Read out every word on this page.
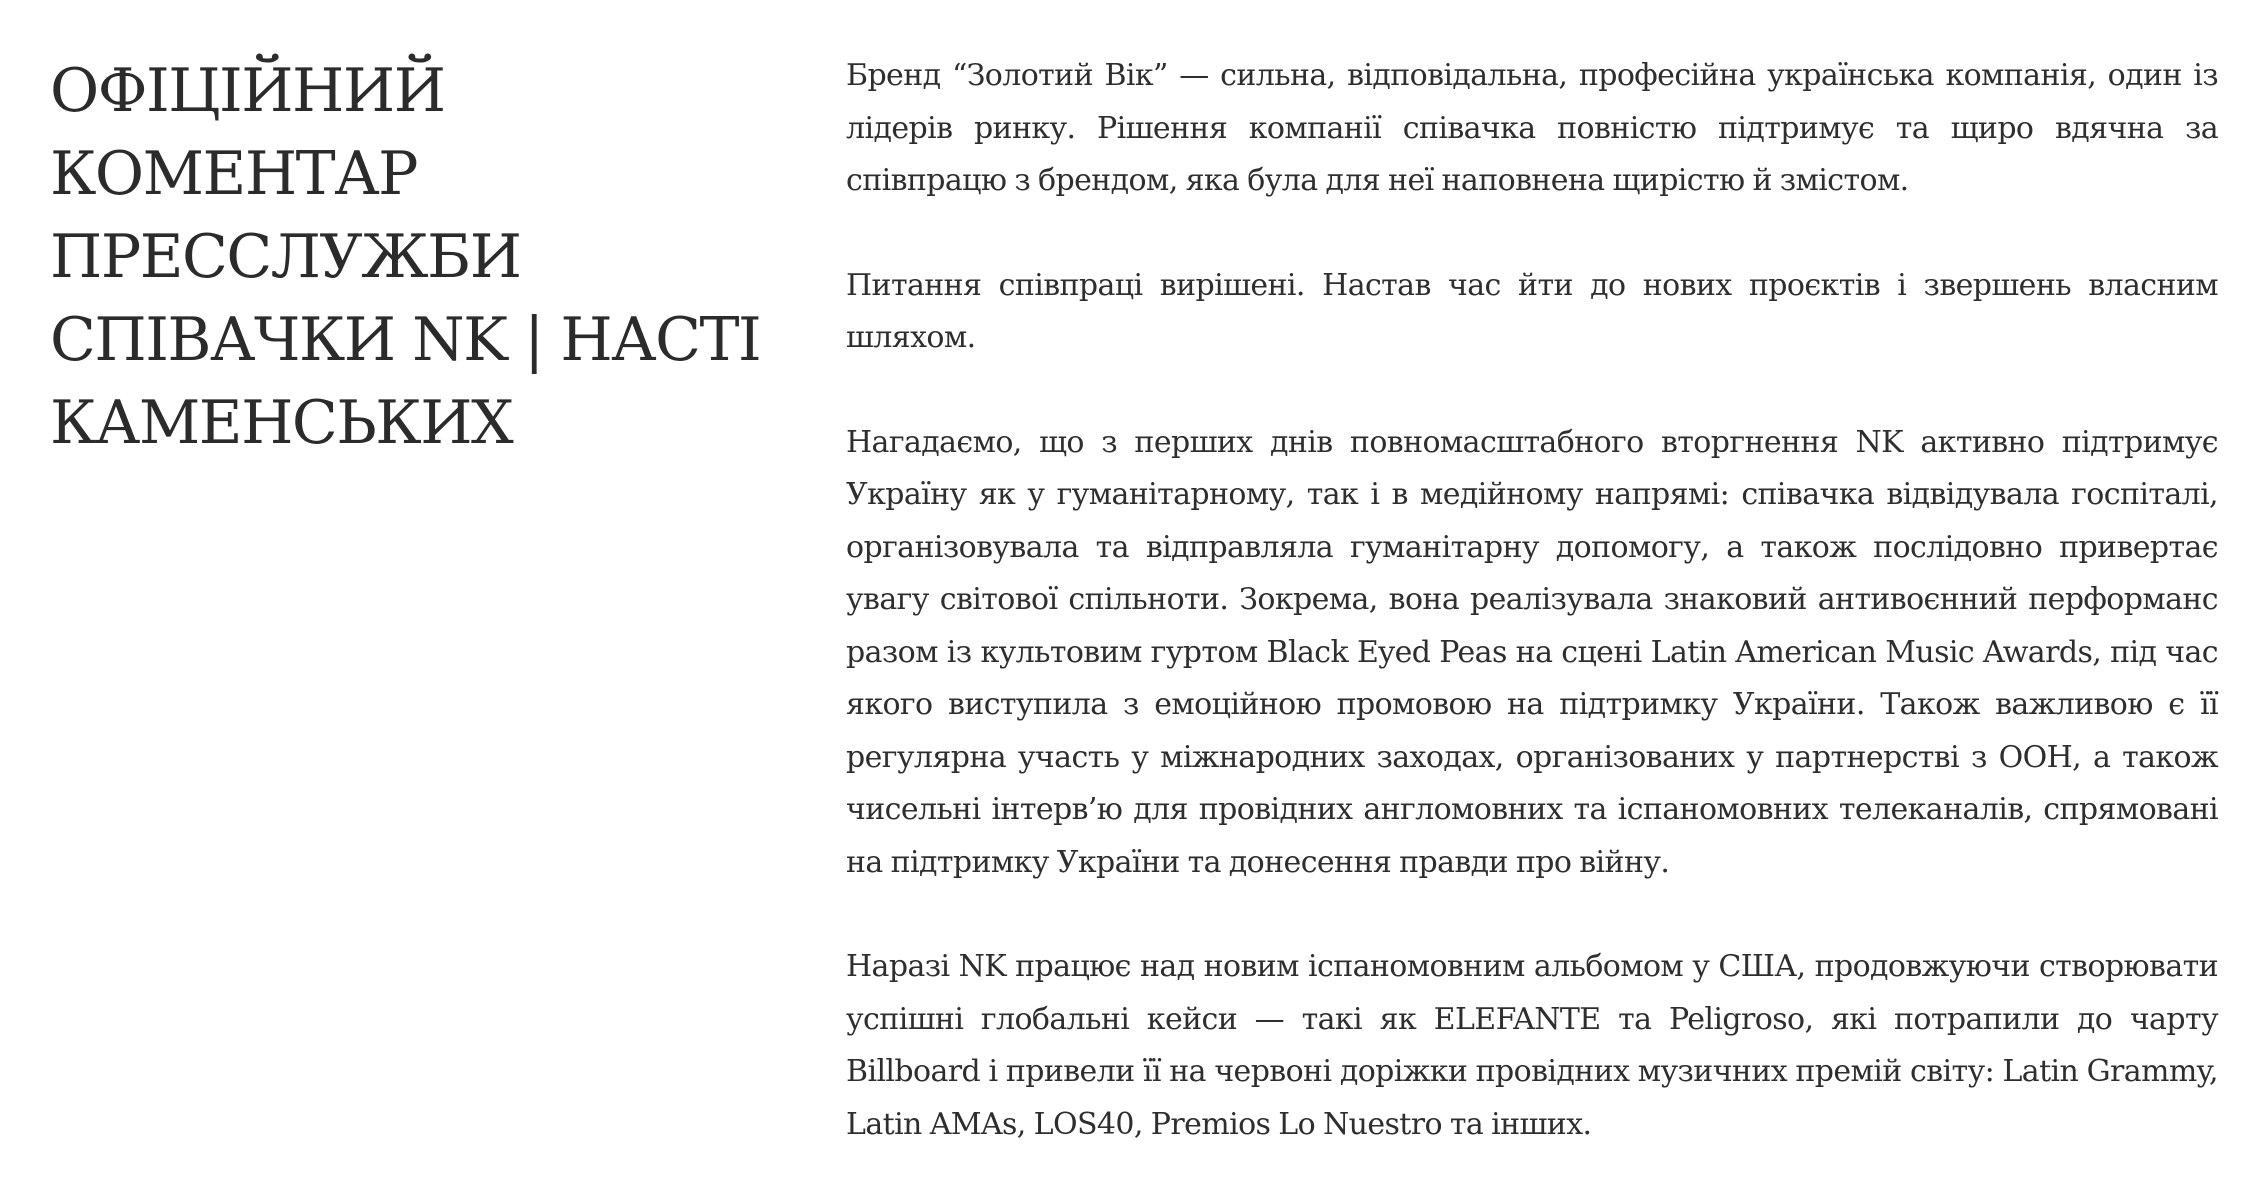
ОФІЦІЙНИЙ КОМЕНТАР ПРЕССЛУЖБИ СПІВАЧКИ NK | НАСТІ КАМЕНСЬКИХ

Бренд “Золотий Вік” — сильна, відповідальна, професійна українська компанія, один із лідерів ринку. Рішення компанії співачка повністю підтримує та щиро вдячна за співпрацю з брендом, яка була для неї наповнена щирістю й змістом.

Питання співпраці вирішені. Настав час йти до нових проєктів і звершень власним шляхом.

Нагадаємо, що з перших днів повномасштабного вторгнення NK активно підтримує Україну як у гуманітарному, так і в медійному напрямі: співачка відвідувала госпіталі, організовувала та відправляла гуманітарну допомогу, а також послідовно привертає увагу світової спільноти. Зокрема, вона реалізувала знаковий антивоєнний перформанс разом із культовим гуртом Black Eyed Peas на сцені Latin American Music Awards, під час якого виступила з емоційною промовою на підтримку України. Також важливою є її регулярна участь у міжнародних заходах, організованих у партнерстві з ООН, а також чисельні інтерв’ю для провідних англомовних та іспаномовних телеканалів, спрямовані на підтримку України та донесення правди про війну.

Наразі NK працює над новим іспаномовним альбомом у США, продовжуючи створювати успішні глобальні кейси — такі як ELEFANTE та Peligroso, які потрапили до чарту Billboard і привели її на червоні доріжки провідних музичних премій світу: Latin Grammy, Latin AMAs, LOS40, Premios Lo Nuestro та інших.
